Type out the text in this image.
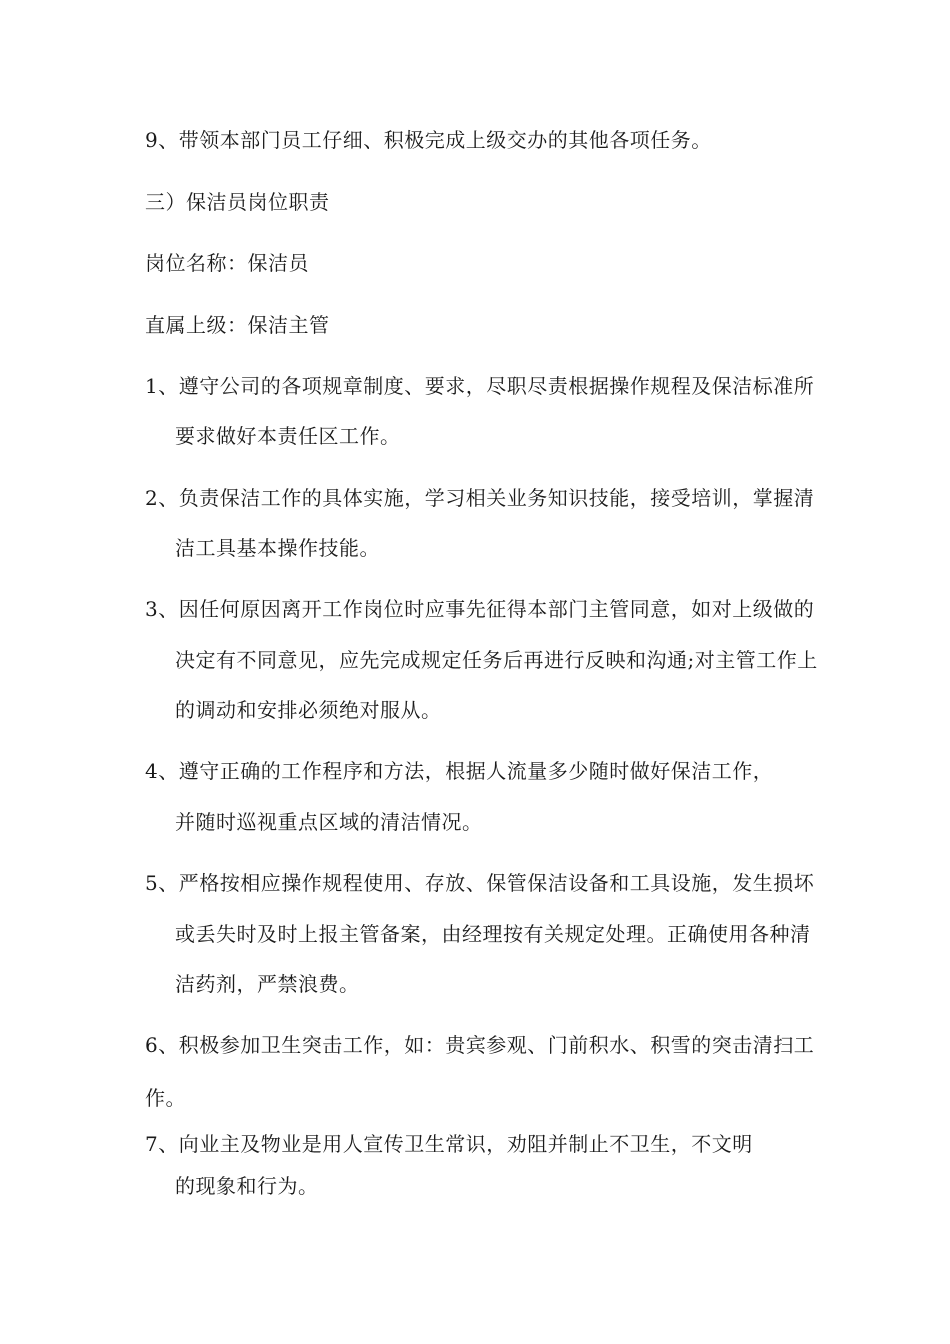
9、带领本部门员工仔细、积极完成上级交办的其他各项任务。
三）保洁员岗位职责
岗位名称：保洁员
直属上级：保洁主管
1、遵守公司的各项规章制度、要求，尽职尽责根据操作规程及保洁标准所
要求做好本责任区工作。
2、负责保洁工作的具体实施，学习相关业务知识技能，接受培训，掌握清
洁工具基本操作技能。
3、因任何原因离开工作岗位时应事先征得本部门主管同意，如对上级做的
决定有不同意见，应先完成规定任务后再进行反映和沟通;对主管工作上
的调动和安排必须绝对服从。
4、遵守正确的工作程序和方法，根据人流量多少随时做好保洁工作，
并随时巡视重点区域的清洁情况。
5、严格按相应操作规程使用、存放、保管保洁设备和工具设施，发生损坏
或丢失时及时上报主管备案，由经理按有关规定处理。正确使用各种清
洁药剂，严禁浪费。
6、积极参加卫生突击工作，如：贵宾参观、门前积水、积雪的突击清扫工
作。
7、向业主及物业是用人宣传卫生常识，劝阻并制止不卫生，不文明
的现象和行为。
